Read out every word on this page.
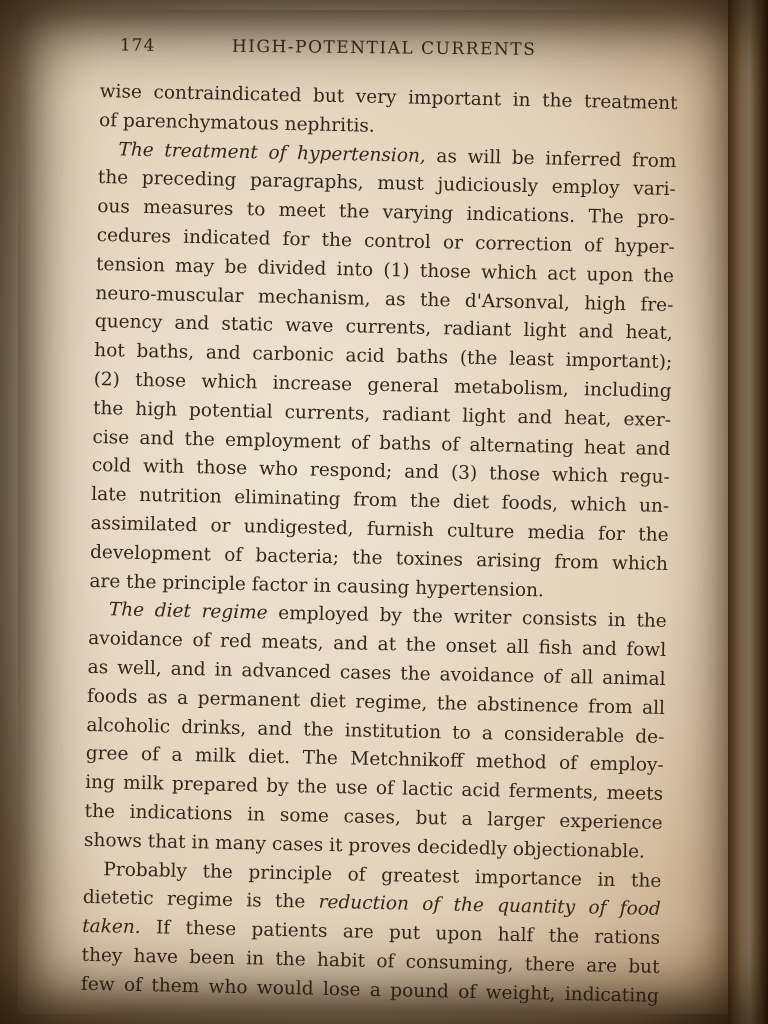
174	HIGH-POTENTIAL CURRENTS
wise contraindicated but very important in the treatment
of parenchymatous nephritis.
The treatment of hypertension, as will be inferred from
the preceding paragraphs, must judiciously employ vari-
ous measures to meet the varying indications. The pro-
cedures indicated for the control or correction of hyper-
tension may be divided into (1) those which act upon the
neuro-muscular mechanism, as the d'Arsonval, high fre-
quency and static wave currents, radiant light and heat,
hot baths, and carbonic acid baths (the least important);
(2) those which increase general metabolism, including
the high potential currents, radiant light and heat, exer-
cise and the employment of baths of alternating heat and
cold with those who respond; and (3) those which regu-
late nutrition eliminating from the diet foods, which un-
assimilated or undigested, furnish culture media for the
development of bacteria; the toxines arising from which
are the principle factor in causing hypertension.
The diet regime employed by the writer consists in the
avoidance of red meats, and at the onset all fish and fowl
as well, and in advanced cases the avoidance of all animal
foods as a permanent diet regime, the abstinence from all
alcoholic drinks, and the institution to a considerable de-
gree of a milk diet. The Metchnikoff method of employ-
ing milk prepared by the use of lactic acid ferments, meets
the indications in some cases, but a larger experience
shows that in many cases it proves decidedly objectionable.
Probably the principle of greatest importance in the
dietetic regime is the reduction of the quantity of food
taken. If these patients are put upon half the rations
they have been in the habit of consuming, there are but
few of them who would lose a pound of weight, indicating
